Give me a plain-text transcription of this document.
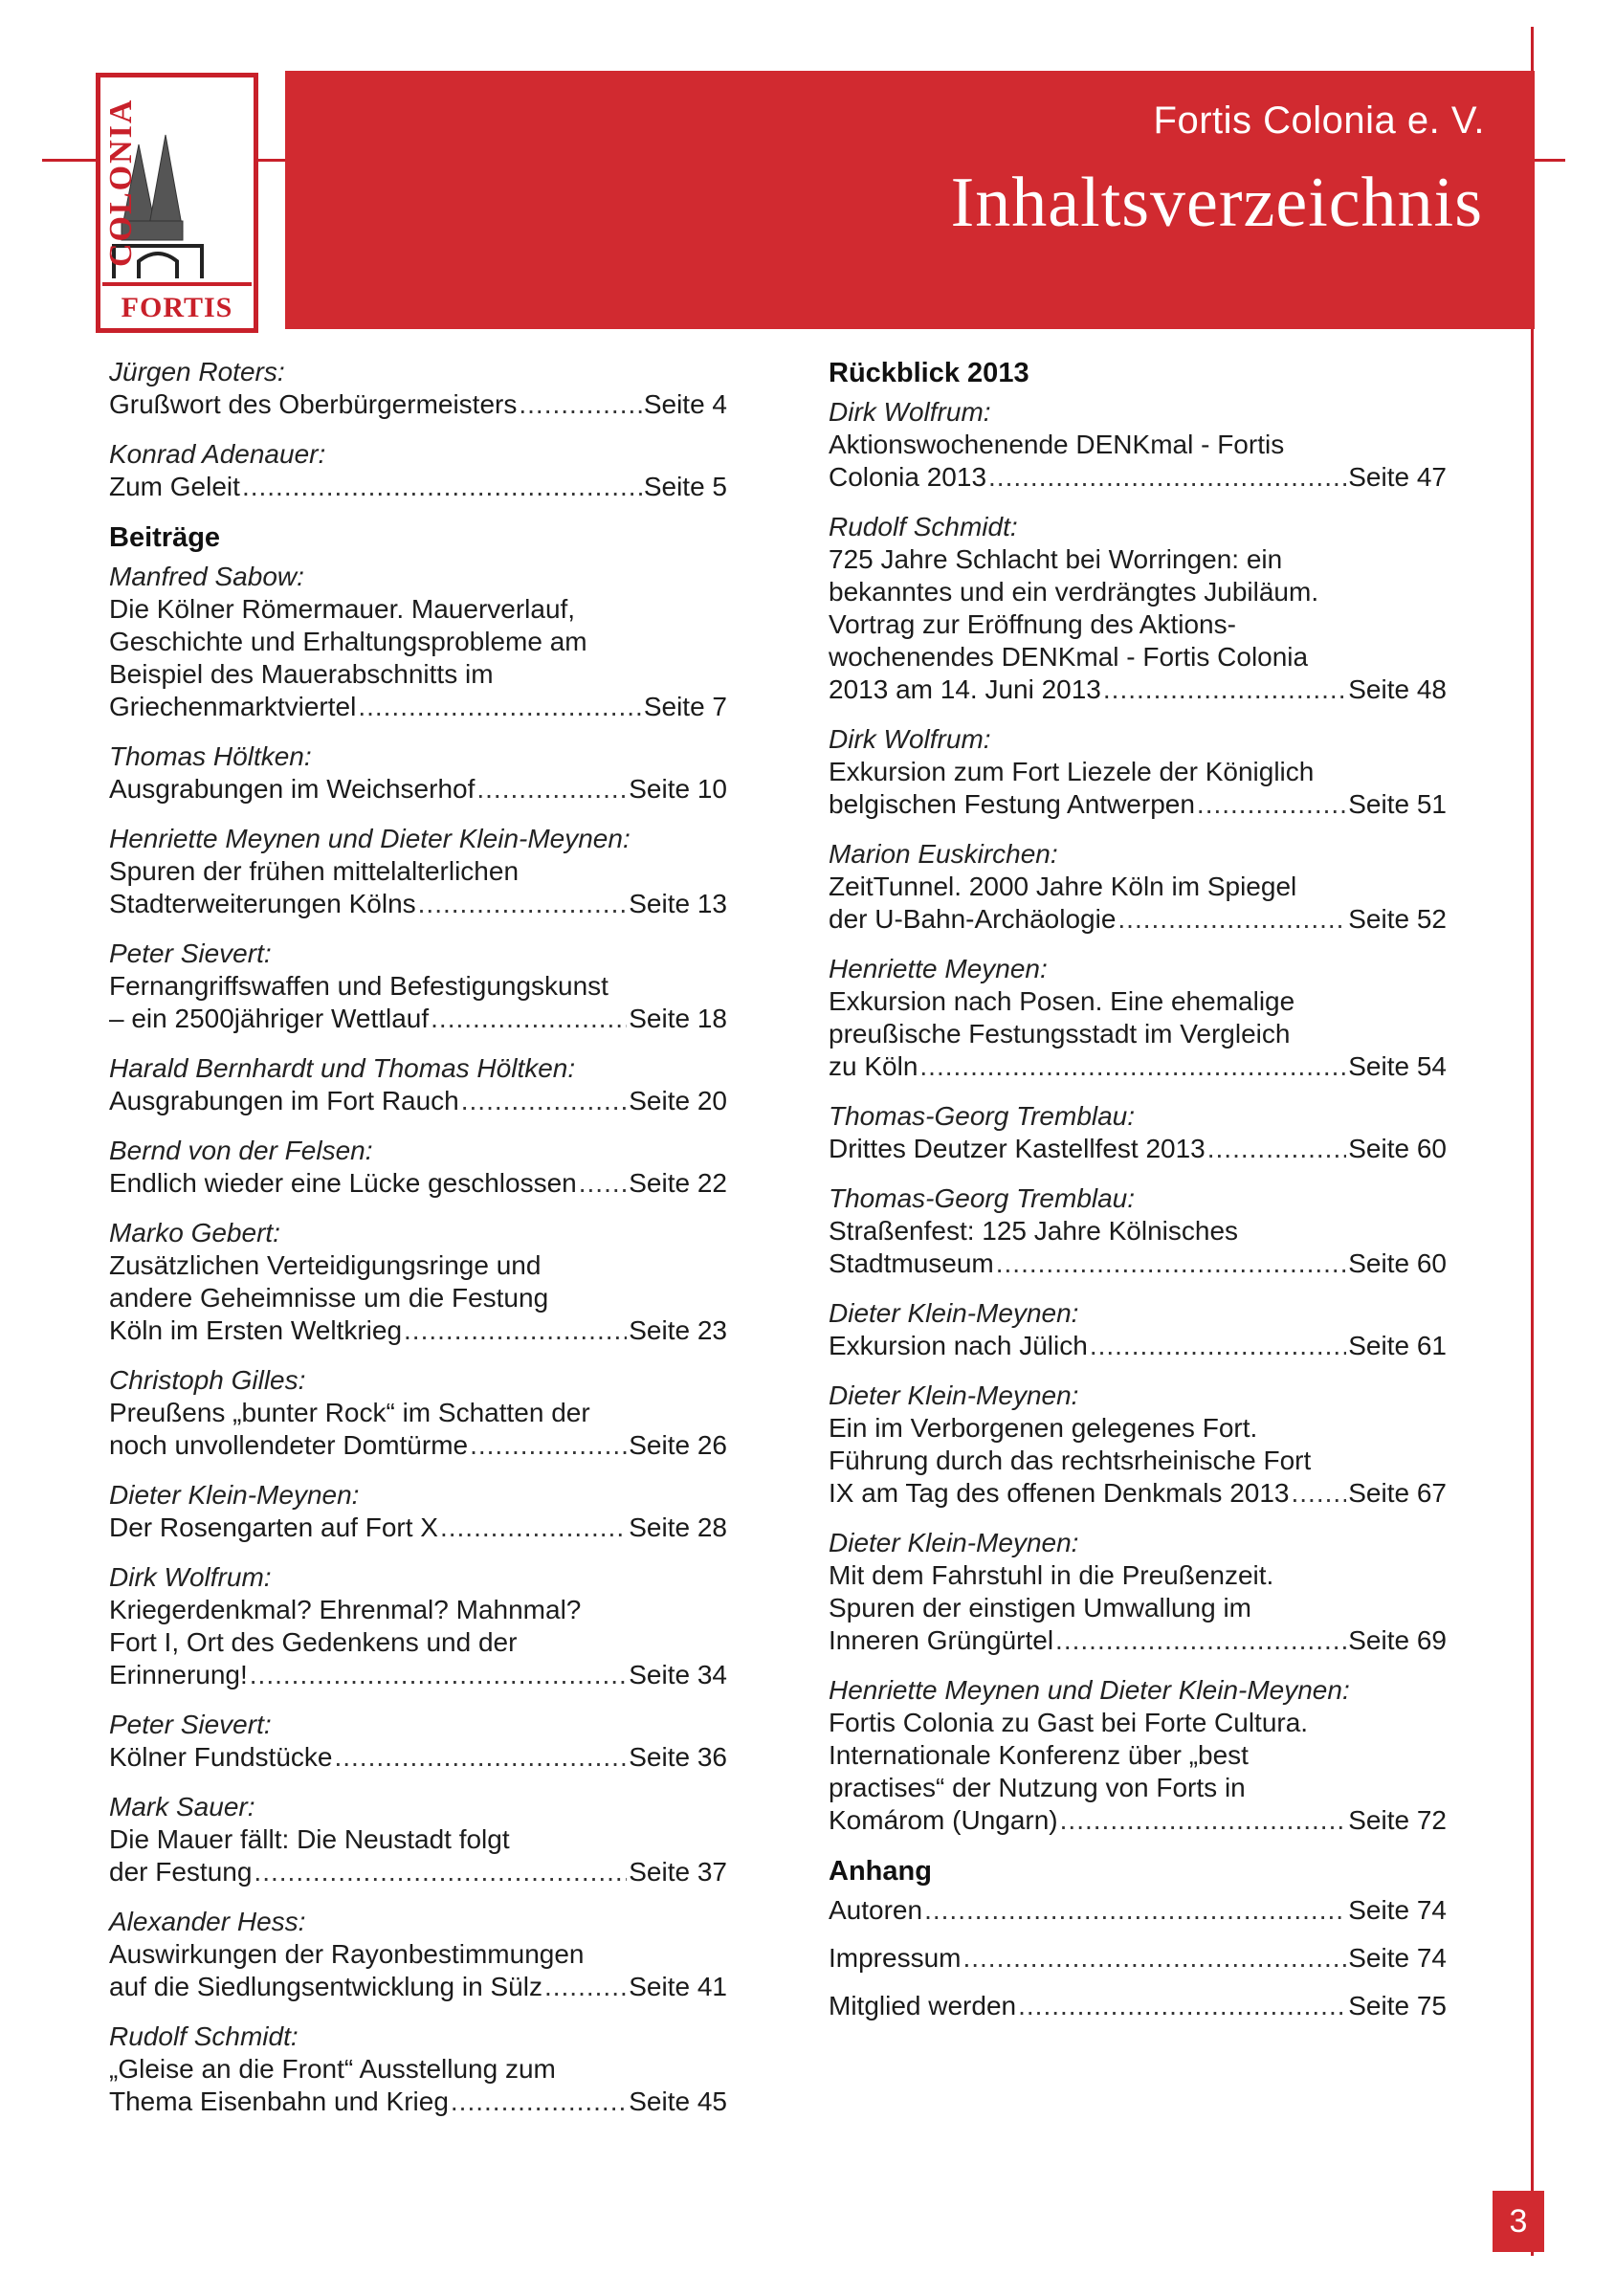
Fortis Colonia e. V.
Inhaltsverzeichnis
COLONIA
FORTIS
Jürgen Roters:
Grußwort des Oberbürgermeisters .....	Seite 4
Konrad Adenauer:
Zum Geleit .....	Seite 5
Beiträge
Manfred Sabow:
Die Kölner Römermauer. Mauerverlauf,
Geschichte und Erhaltungsprobleme am
Beispiel des Mauerabschnitts im
Griechenmarktviertel .....	Seite 7
Thomas Höltken:
Ausgrabungen im Weichserhof .....	Seite 10
Henriette Meynen und Dieter Klein-Meynen:
Spuren der frühen mittelalterlichen
Stadterweiterungen Kölns .....	Seite 13
Peter Sievert:
Fernangriffswaffen und Befestigungskunst
– ein 2500jähriger Wettlauf .....	Seite 18
Harald Bernhardt und Thomas Höltken:
Ausgrabungen im Fort Rauch .....	Seite 20
Bernd von der Felsen:
Endlich wieder eine Lücke geschlossen ..... Seite 22
Marko Gebert:
Zusätzlichen Verteidigungsringe und
andere Geheimnisse um die Festung
Köln im Ersten Weltkrieg .....	Seite 23
Christoph Gilles:
Preußens „bunter Rock“ im Schatten der
noch unvollendeter Domtürme .....	Seite 26
Dieter Klein-Meynen:
Der Rosengarten auf Fort X .....	Seite 28
Dirk Wolfrum:
Kriegerdenkmal? Ehrenmal? Mahnmal?
Fort I, Ort des Gedenkens und der
Erinnerung! .....	Seite 34
Peter Sievert:
Kölner Fundstücke .....	Seite 36
Mark Sauer:
Die Mauer fällt: Die Neustadt folgt
der Festung .....	Seite 37
Alexander Hess:
Auswirkungen der Rayonbestimmungen
auf die Siedlungsentwicklung in Sülz .....	Seite 41
Rudolf Schmidt:
„Gleise an die Front“ Ausstellung zum
Thema Eisenbahn und Krieg .....	Seite 45
Rückblick 2013
Dirk Wolfrum:
Aktionswochenende DENKmal - Fortis
Colonia 2013 .....	Seite 47
Rudolf Schmidt:
725 Jahre Schlacht bei Worringen: ein
bekanntes und ein verdrängtes Jubiläum.
Vortrag zur Eröffnung des Aktions-
wochenendes DENKmal - Fortis Colonia
2013 am 14. Juni 2013 .....	Seite 48
Dirk Wolfrum:
Exkursion zum Fort Liezele der Königlich
belgischen Festung Antwerpen .....	Seite 51
Marion Euskirchen:
ZeitTunnel. 2000 Jahre Köln im Spiegel
der U-Bahn-Archäologie .....	Seite 52
Henriette Meynen:
Exkursion nach Posen. Eine ehemalige
preußische Festungsstadt im Vergleich
zu Köln .....	Seite 54
Thomas-Georg Tremblau:
Drittes Deutzer Kastellfest 2013 .....	Seite 60
Thomas-Georg Tremblau:
Straßenfest: 125 Jahre Kölnisches
Stadtmuseum .....	Seite 60
Dieter Klein-Meynen:
Exkursion nach Jülich .....	Seite 61
Dieter Klein-Meynen:
Ein im Verborgenen gelegenes Fort.
Führung durch das rechtsrheinische Fort
IX am Tag des offenen Denkmals 2013 ..... Seite 67
Dieter Klein-Meynen:
Mit dem Fahrstuhl in die Preußenzeit.
Spuren der einstigen Umwallung im
Inneren Grüngürtel .....	Seite 69
Henriette Meynen und Dieter Klein-Meynen:
Fortis Colonia zu Gast bei Forte Cultura.
Internationale Konferenz über „best
practises“ der Nutzung von Forts in
Komárom (Ungarn) .....	Seite 72
Anhang
Autoren .....	Seite 74
Impressum .....	Seite 74
Mitglied werden .....	Seite 75
3
